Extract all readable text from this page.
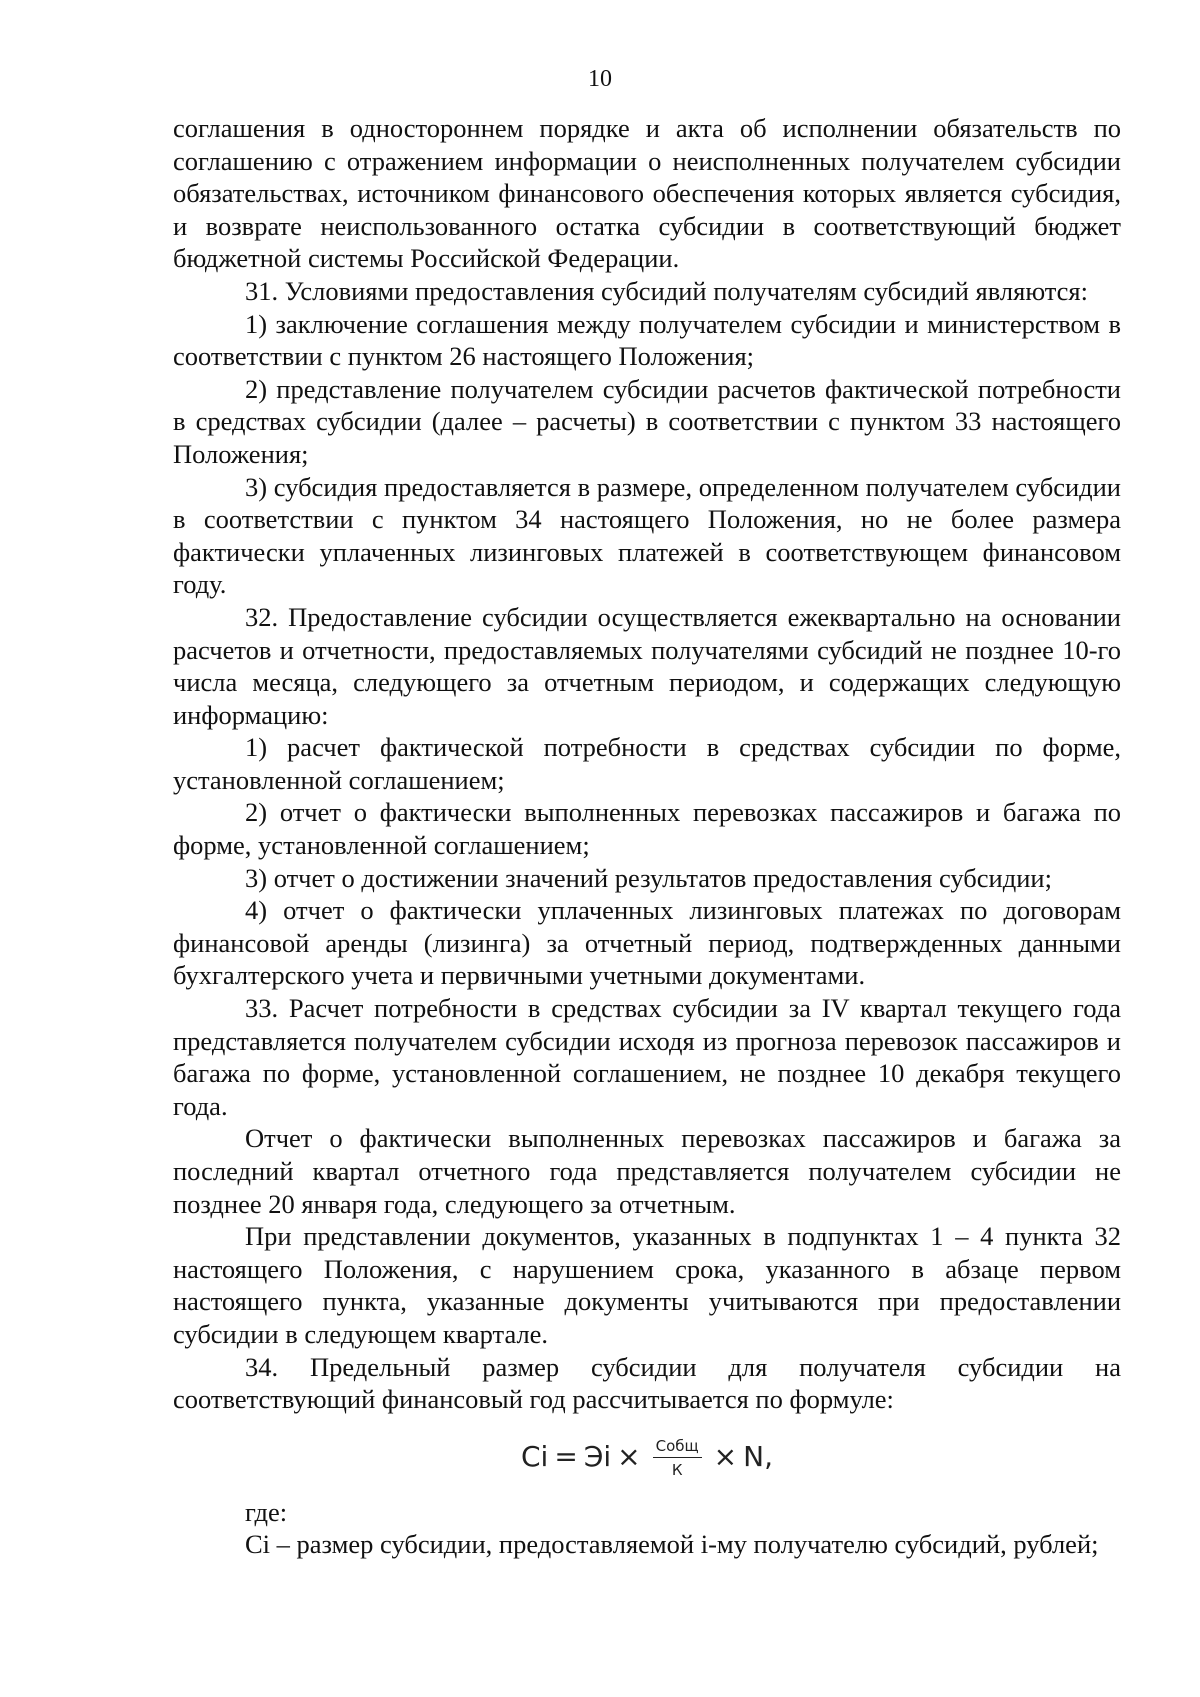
10

соглашения в одностороннем порядке и акта об исполнении обязательств по соглашению с отражением информации о неисполненных получателем субсидии обязательствах, источником финансового обеспечения которых является субсидия, и возврате неиспользованного остатка субсидии в соответствующий бюджет бюджетной системы Российской Федерации.

31. Условиями предоставления субсидий получателям субсидий являются:

1) заключение соглашения между получателем субсидии и министерством в соответствии с пунктом 26 настоящего Положения;

2) представление получателем субсидии расчетов фактической потребности в средствах субсидии (далее – расчеты) в соответствии с пунктом 33 настоящего Положения;

3) субсидия предоставляется в размере, определенном получателем субсидии в соответствии с пунктом 34 настоящего Положения, но не более размера фактически уплаченных лизинговых платежей в соответствующем финансовом году.

32. Предоставление субсидии осуществляется ежеквартально на основании расчетов и отчетности, предоставляемых получателями субсидий не позднее 10-го числа месяца, следующего за отчетным периодом, и содержащих следующую информацию:

1) расчет фактической потребности в средствах субсидии по форме, установленной соглашением;

2) отчет о фактически выполненных перевозках пассажиров и багажа по форме, установленной соглашением;

3) отчет о достижении значений результатов предоставления субсидии;

4) отчет о фактически уплаченных лизинговых платежах по договорам финансовой аренды (лизинга) за отчетный период, подтвержденных данными бухгалтерского учета и первичными учетными документами.

33. Расчет потребности в средствах субсидии за IV квартал текущего года представляется получателем субсидии исходя из прогноза перевозок пассажиров и багажа по форме, установленной соглашением, не позднее 10 декабря текущего года.

Отчет о фактически выполненных перевозках пассажиров и багажа за последний квартал отчетного года представляется получателем субсидии не позднее 20 января года, следующего за отчетным.

При представлении документов, указанных в подпунктах 1 – 4 пункта 32 настоящего Положения, с нарушением срока, указанного в абзаце первом настоящего пункта, указанные документы учитываются при предоставлении субсидии в следующем квартале.

34. Предельный размер субсидии для получателя субсидии на соответствующий финансовый год рассчитывается по формуле:

Ci = Эi × $\frac{\text{Cобщ}}{К} \times N$,

где:

Ci – размер субсидии, предоставляемой i-му получателю субсидий, рублей;
